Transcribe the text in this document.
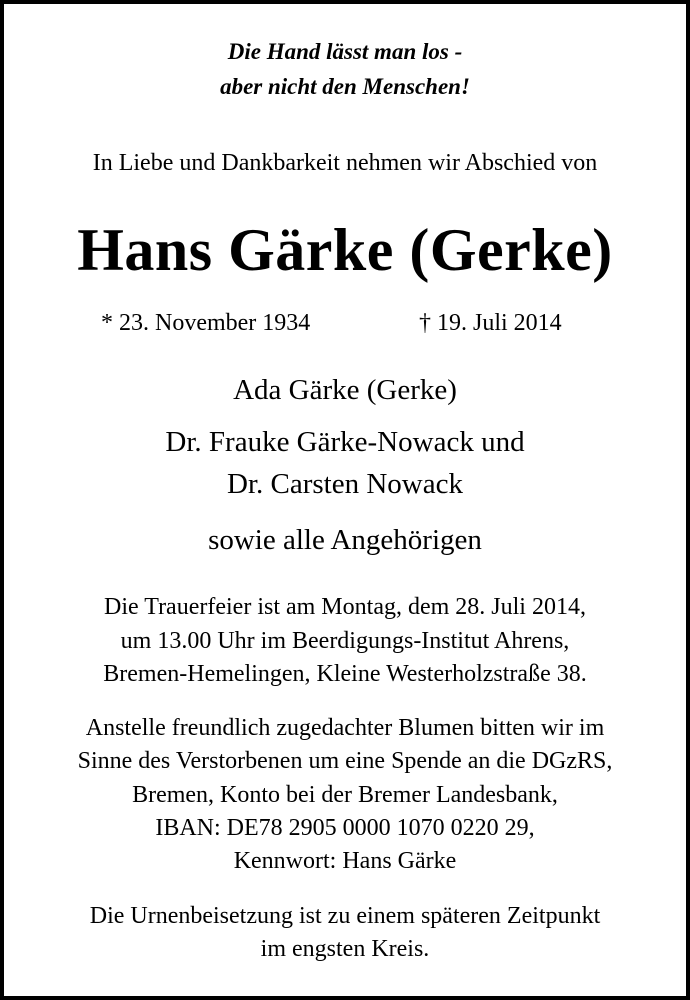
Die Hand lässt man los -
aber nicht den Menschen!
In Liebe und Dankbarkeit nehmen wir Abschied von
Hans Gärke (Gerke)
* 23. November 1934	† 19. Juli 2014
Ada Gärke (Gerke)
Dr. Frauke Gärke-Nowack und
Dr. Carsten Nowack
sowie alle Angehörigen
Die Trauerfeier ist am Montag, dem 28. Juli 2014,
um 13.00 Uhr im Beerdigungs-Institut Ahrens,
Bremen-Hemelingen, Kleine Westerholzstraße 38.
Anstelle freundlich zugedachter Blumen bitten wir im
Sinne des Verstorbenen um eine Spende an die DGzRS,
Bremen, Konto bei der Bremer Landesbank,
IBAN: DE78 2905 0000 1070 0220 29,
Kennwort: Hans Gärke
Die Urnenbeisetzung ist zu einem späteren Zeitpunkt
im engsten Kreis.
